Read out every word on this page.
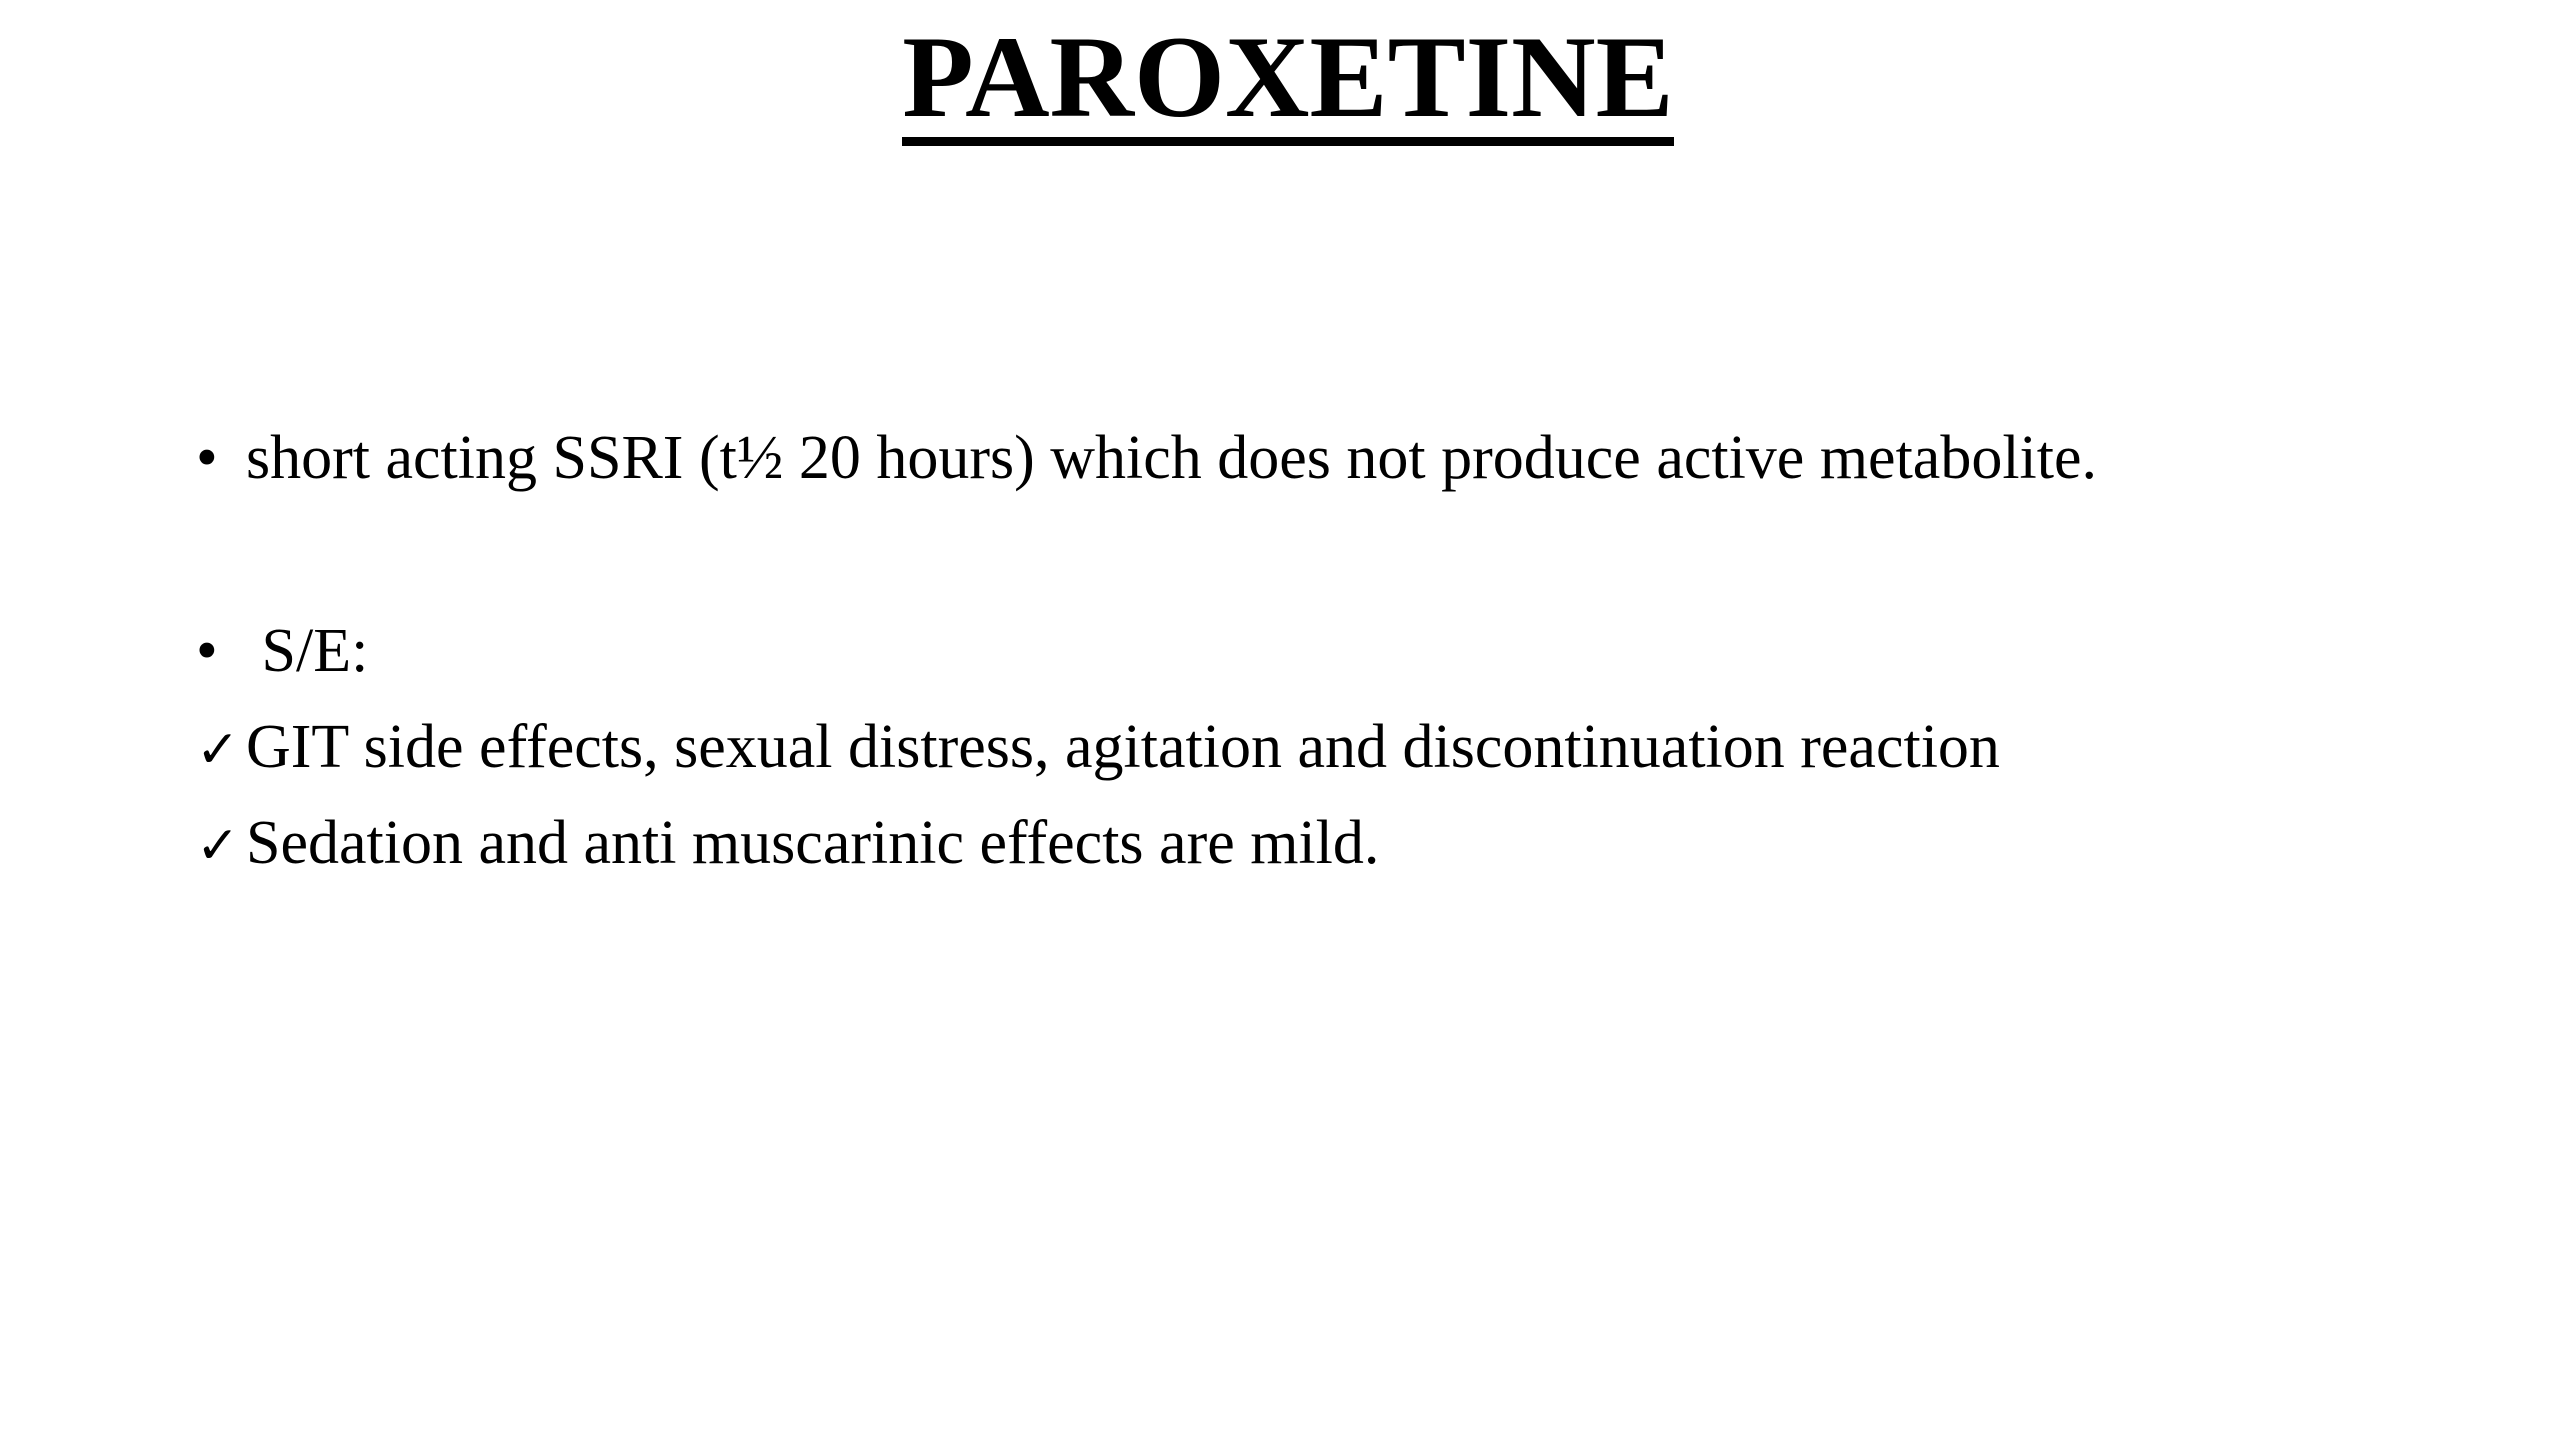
PAROXETINE
• short acting SSRI (t½ 20 hours) which does not produce active metabolite.
• S/E:
✓ GIT side effects, sexual distress, agitation and discontinuation reaction
✓ Sedation and anti muscarinic effects are mild.
